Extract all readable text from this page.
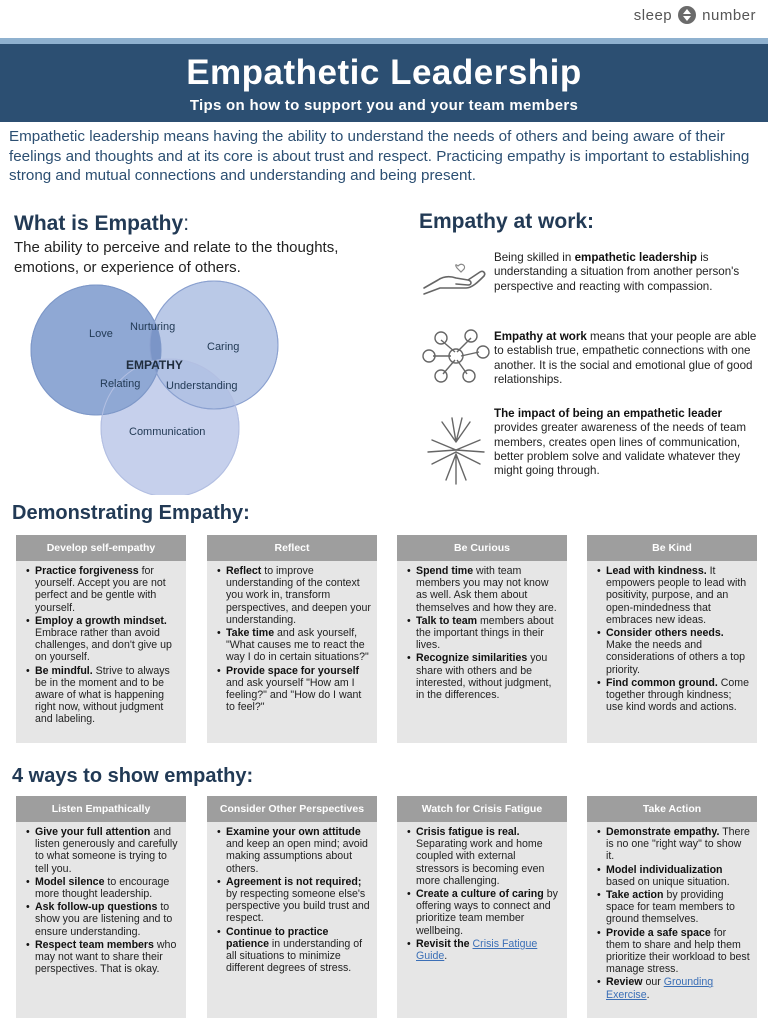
sleep number
Empathetic Leadership
Tips on how to support you and your team members

Empathetic leadership means having the ability to understand the needs of others and being aware of their feelings and thoughts and at its core is about trust and respect. Practicing empathy is important to establishing strong and mutual connections and understanding and being present.

What is Empathy:

The ability to perceive and relate to the thoughts, emotions, or experience of others.

Love
Nurturing
Caring
EMPATHY
Relating Understanding
Communication
Empathy at work:
Being skilled in empathetic leadership is understanding a situation from another person's perspective and reacting with compassion.
Empathy at work means that your people are able to establish true, empathetic connections with one another. It is the social and emotional glue of good relationships.
The impact of being an empathetic leader provides greater awareness of the needs of team members, creates open lines of communication, better problem solve and validate whatever they might going through.
Demonstrating Empathy:
Develop self-empathy
• Practice forgiveness for yourself. Accept you are not perfect and be gentle with yourself.
• Employ a growth mindset. Embrace rather than avoid challenges, and don't give up on yourself.
• Be mindful. Strive to always be in the moment and to be aware of what is happening right now, without judgment and labeling.
Reflect
• Reflect to improve understanding of the context you work in, transform perspectives, and deepen your understanding.
• Take time and ask yourself, "What causes me to react the way I do in certain situations?"
• Provide space for yourself and ask yourself "How am I feeling?" and "How do I want to feel?"
Be Curious
• Spend time with team members you may not know as well. Ask them about themselves and how they are.
• Talk to team members about the important things in their lives.
• Recognize similarities you share with others and be interested, without judgment, in the differences.
Be Kind
• Lead with kindness. It empowers people to lead with positivity, purpose, and an open-mindedness that embraces new ideas.
• Consider others needs. Make the needs and considerations of others a top priority.
• Find common ground. Come together through kindness; use kind words and actions.
4 ways to show empathy:
Listen Empathically
• Give your full attention and listen generously and carefully to what someone is trying to tell you.
• Model silence to encourage more thought leadership.
• Ask follow-up questions to show you are listening and to ensure understanding.
• Respect team members who may not want to share their perspectives. That is okay.
Consider Other Perspectives
• Examine your own attitude and keep an open mind; avoid making assumptions about others.
• Agreement is not required; by respecting someone else's perspective you build trust and respect.
• Continue to practice patience in understanding of all situations to minimize different degrees of stress.
Watch for Crisis Fatigue
• Crisis fatigue is real. Separating work and home coupled with external stressors is becoming even more challenging.
• Create a culture of caring by offering ways to connect and prioritize team member wellbeing.
• Revisit the Crisis Fatigue Guide.
Take Action
• Demonstrate empathy. There is no one "right way" to show it.
• Model individualization based on unique situation.
• Take action by providing space for team members to ground themselves.
• Provide a safe space for them to share and help them prioritize their workload to best manage stress.
• Review our Grounding Exercise.
